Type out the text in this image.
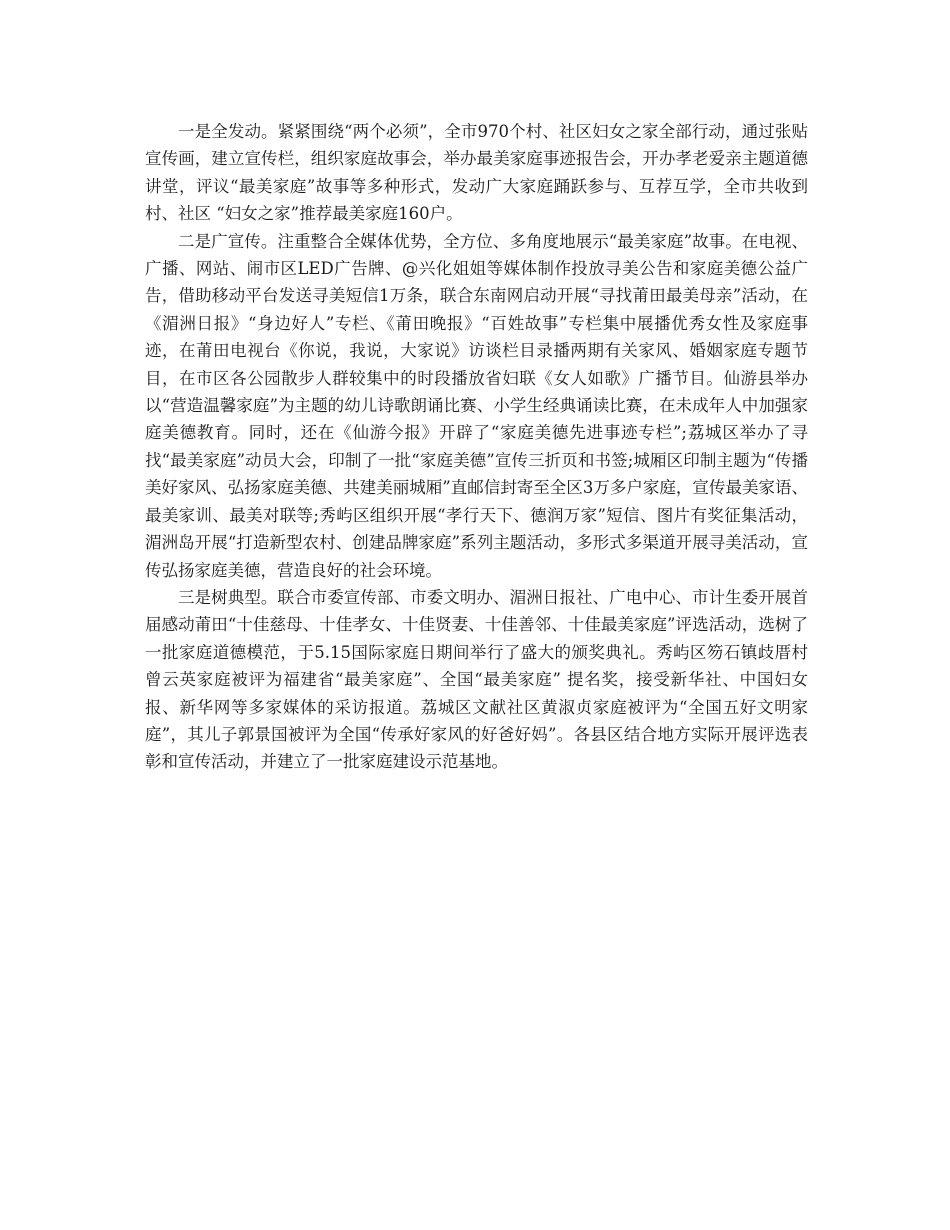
一是全发动。紧紧围绕“两个必须”，全市970个村、社区妇女之家全部行动，通过张贴宣传画，建立宣传栏，组织家庭故事会，举办最美家庭事迹报告会，开办孝老爱亲主题道德讲堂，评议“最美家庭”故事等多种形式，发动广大家庭踊跃参与、互荐互学，全市共收到村、社区 “妇女之家”推荐最美家庭160户。

二是广宣传。注重整合全媒体优势，全方位、多角度地展示“最美家庭”故事。在电视、广播、网站、闹市区LED广告牌、@兴化姐姐等媒体制作投放寻美公告和家庭美德公益广告，借助移动平台发送寻美短信1万条，联合东南网启动开展“寻找莆田最美母亲”活动，在《湄洲日报》“身边好人”专栏、《莆田晚报》“百姓故事”专栏集中展播优秀女性及家庭事迹，在莆田电视台《你说，我说，大家说》访谈栏目录播两期有关家风、婚姻家庭专题节目，在市区各公园散步人群较集中的时段播放省妇联《女人如歌》广播节目。仙游县举办以“营造温馨家庭”为主题的幼儿诗歌朗诵比赛、小学生经典诵读比赛，在未成年人中加强家庭美德教育。同时，还在《仙游今报》开辟了“家庭美德先进事迹专栏”;荔城区举办了寻找“最美家庭”动员大会，印制了一批“家庭美德”宣传三折页和书签;城厢区印制主题为“传播美好家风、弘扬家庭美德、共建美丽城厢”直邮信封寄至全区3万多户家庭，宣传最美家语、最美家训、最美对联等;秀屿区组织开展“孝行天下、德润万家”短信、图片有奖征集活动，湄洲岛开展“打造新型农村、创建品牌家庭”系列主题活动，多形式多渠道开展寻美活动，宣传弘扬家庭美德，营造良好的社会环境。

三是树典型。联合市委宣传部、市委文明办、湄洲日报社、广电中心、市计生委开展首届感动莆田“十佳慈母、十佳孝女、十佳贤妻、十佳善邻、十佳最美家庭”评选活动，选树了一批家庭道德模范，于5.15国际家庭日期间举行了盛大的颁奖典礼。秀屿区笏石镇歧厝村曾云英家庭被评为福建省“最美家庭”、全国“最美家庭” 提名奖，接受新华社、中国妇女报、新华网等多家媒体的采访报道。荔城区文献社区黄淑贞家庭被评为“全国五好文明家庭”，其儿子郭景国被评为全国“传承好家风的好爸好妈”。各县区结合地方实际开展评选表彰和宣传活动，并建立了一批家庭建设示范基地。
